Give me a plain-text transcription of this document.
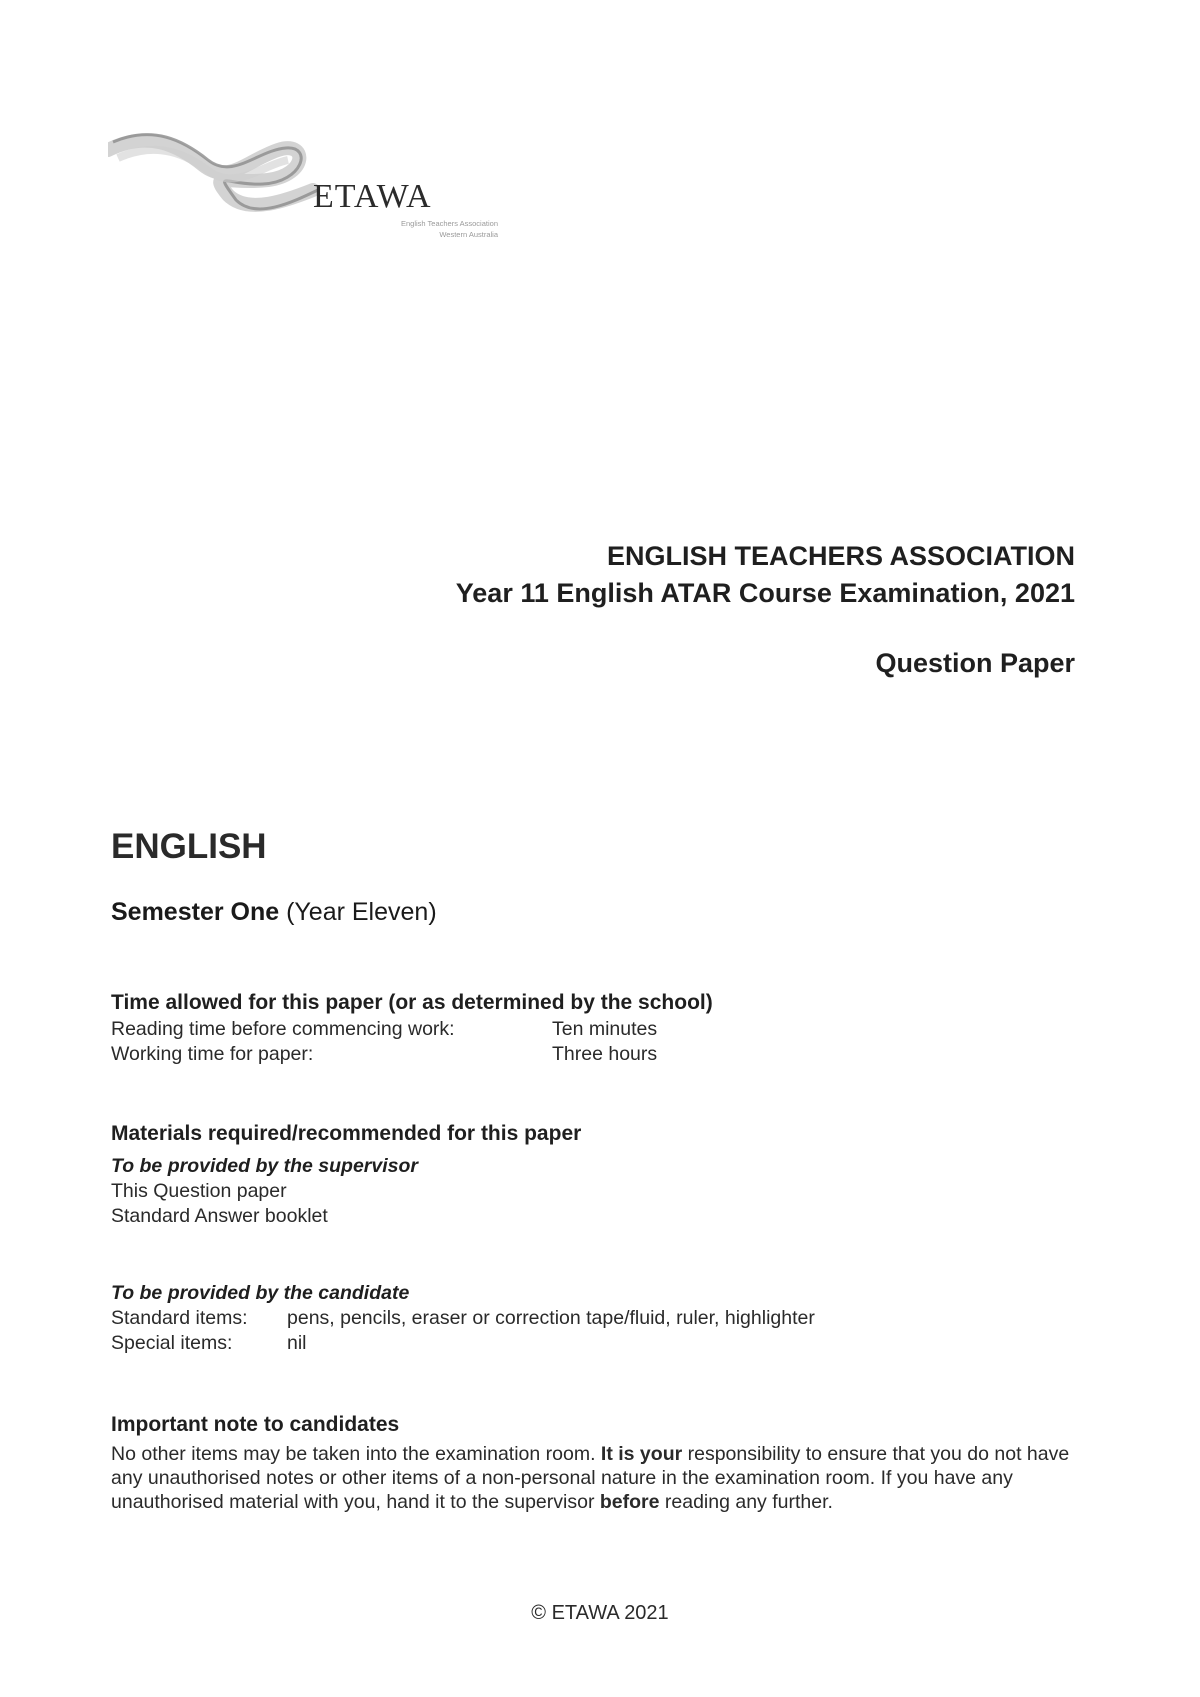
ETAWA
English Teachers Association
Western Australia
ENGLISH TEACHERS ASSOCIATION
Year 11 English ATAR Course Examination, 2021
Question Paper
ENGLISH
Semester One (Year Eleven)
Time allowed for this paper (or as determined by the school)
Reading time before commencing work:	Ten minutes
Working time for paper:	Three hours
Materials required/recommended for this paper
To be provided by the supervisor
This Question paper
Standard Answer booklet
To be provided by the candidate
Standard items: pens, pencils, eraser or correction tape/fluid, ruler, highlighter
Special items:	nil
Important note to candidates
No other items may be taken into the examination room. It is your responsibility to ensure that you do not have any unauthorised notes or other items of a non-personal nature in the examination room. If you have any unauthorised material with you, hand it to the supervisor before reading any further.
© ETAWA 2021
